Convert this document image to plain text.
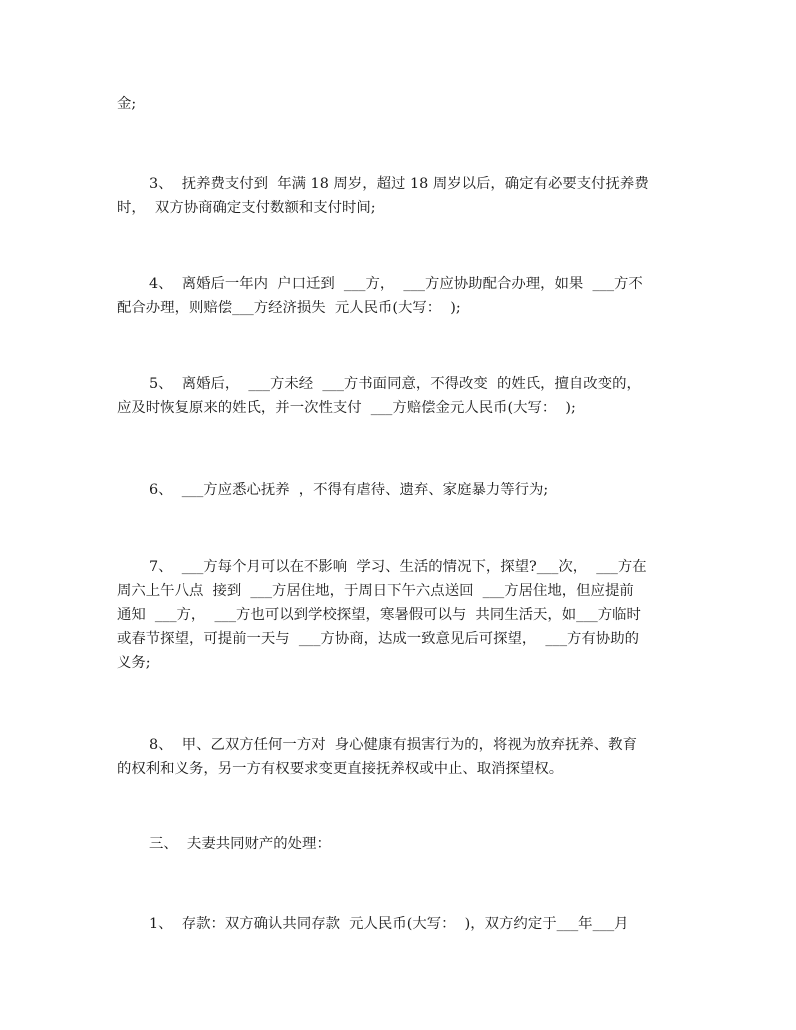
金;
3、  抚养费支付到  年满 18 周岁，超过 18 周岁以后，确定有必要支付抚养费
时，  双方协商确定支付数额和支付时间;
4、  离婚后一年内  户口迁到  ___方，  ___方应协助配合办理，如果  ___方不
配合办理，则赔偿___方经济损失  元人民币(大写：  );
5、  离婚后，  ___方未经  ___方书面同意，不得改变  的姓氏，擅自改变的，
应及时恢复原来的姓氏，并一次性支付  ___方赔偿金元人民币(大写：  );
6、  ___方应悉心抚养  ，不得有虐待、遗弃、家庭暴力等行为;
7、  ___方每个月可以在不影响  学习、生活的情况下，探望?___次，  ___方在
周六上午八点  接到  ___方居住地，于周日下午六点送回  ___方居住地，但应提前
通知  ___方，  ___方也可以到学校探望，寒暑假可以与  共同生活天，如___方临时
或春节探望，可提前一天与  ___方协商，达成一致意见后可探望，  ___方有协助的
义务;
8、  甲、乙双方任何一方对  身心健康有损害行为的，将视为放弃抚养、教育
的权利和义务，另一方有权要求变更直接抚养权或中止、取消探望权。
三、  夫妻共同财产的处理：
1、  存款：双方确认共同存款  元人民币(大写：  )，双方约定于___年___月
